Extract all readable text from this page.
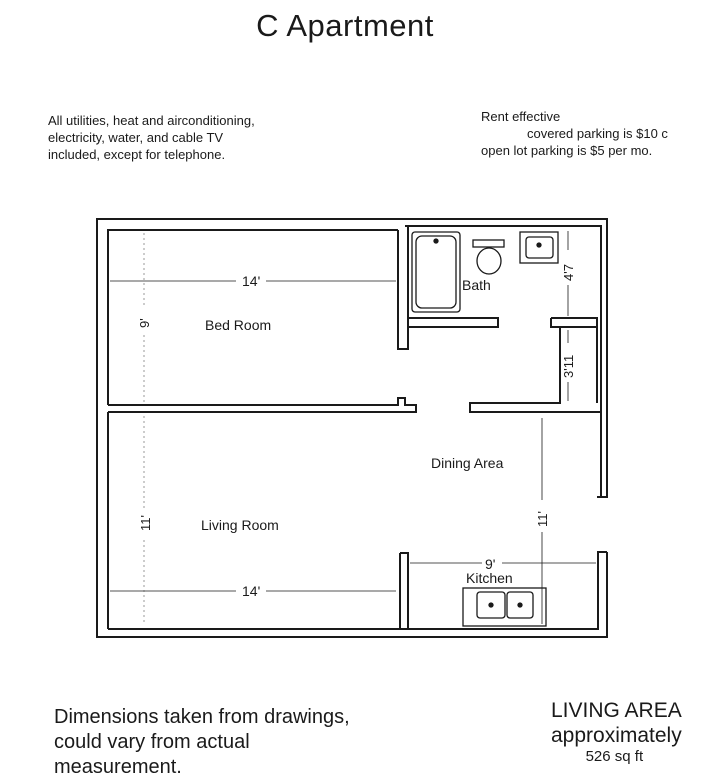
C Apartment
All utilities, heat and airconditioning,
electricity, water, and cable TV
included, except for telephone.
Rent effective
covered parking is $10 c
open lot parking is $5 per mo.
Bed Room
Bath
Dining Area
Living Room
Kitchen
14'
14'
9'
9'
4'7
3'11
11'	11'
Dimensions taken from drawings,
could vary from actual
measurement.
LIVING AREA
approximately
526 sq ft
